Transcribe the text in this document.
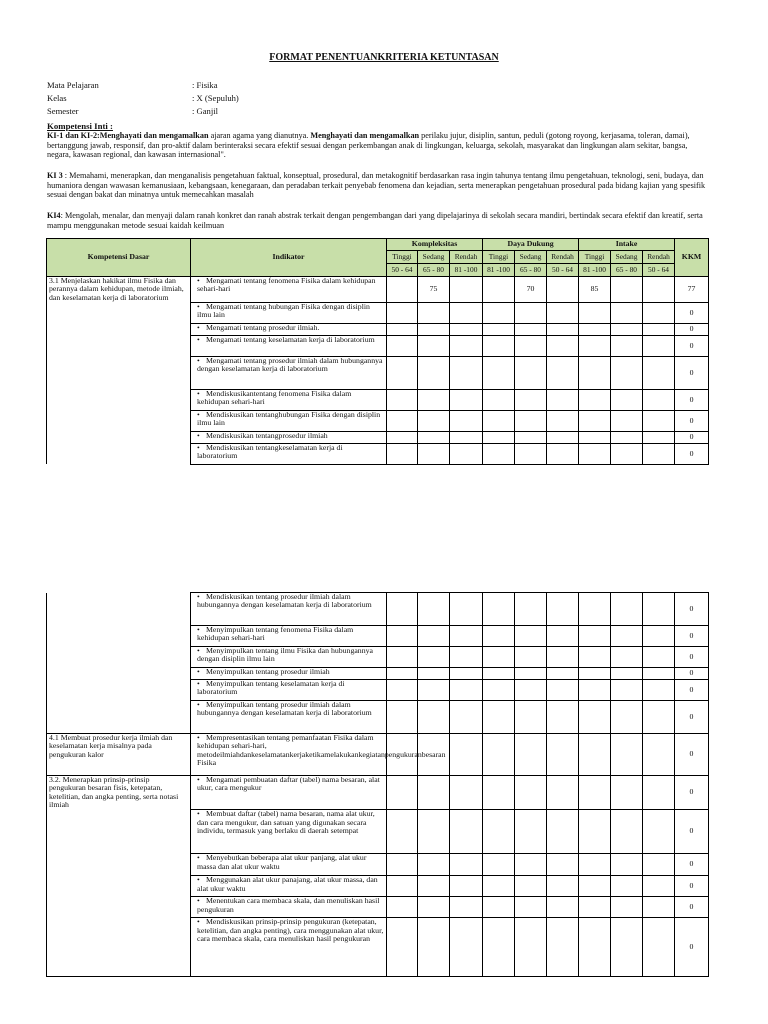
FORMAT PENENTUANKRITERIA KETUNTASAN
Mata Pelajaran	: Fisika
Kelas	: X (Sepuluh)
Semester	: Ganjil
Kompetensi Inti :
KI-1 dan KI-2:Menghayati dan mengamalkan ajaran agama yang dianutnya. Menghayati dan mengamalkan perilaku jujur, disiplin, santun, peduli (gotong royong, kerjasama, toleran, damai), bertanggung jawab, responsif, dan pro-aktif dalam berinteraksi secara efektif sesuai dengan perkembangan anak di lingkungan, keluarga, sekolah, masyarakat dan lingkungan alam sekitar, bangsa, negara, kawasan regional, dan kawasan internasional".
KI 3 : Memahami, menerapkan, dan menganalisis pengetahuan faktual, konseptual, prosedural, dan metakognitif berdasarkan rasa ingin tahunya tentang ilmu pengetahuan, teknologi, seni, budaya, dan humaniora dengan wawasan kemanusiaan, kebangsaan, kenegaraan, dan peradaban terkait penyebab fenomena dan kejadian, serta menerapkan pengetahuan prosedural pada bidang kajian yang spesifik sesuai dengan bakat dan minatnya untuk memecahkan masalah
KI4: Mengolah, menalar, dan menyaji dalam ranah konkret dan ranah abstrak terkait dengan pengembangan dari yang dipelajarinya di sekolah secara mandiri, bertindak secara efektif dan kreatif, serta mampu menggunakan metode sesuai kaidah keilmuan
Kompetensi Dasar	Indikator	Kompleksitas			Daya Dukung			Intake			KKM
		Tinggi	Sedang	Rendah	Tinggi	Sedang	Rendah	Tinggi	Sedang	Rendah	
		50 - 64	65 - 80	81 -100	81 -100	65 - 80	50 - 64	81 -100	65 - 80	50 - 64	
3.1 Menjelaskan hakikat ilmu Fisika dan perannya dalam kehidupan, metode ilmiah, dan keselamatan kerja di laboratorium	• Mengamati tentang fenomena Fisika dalam kehidupan sehari-hari		75			70		85			77
	• Mengamati tentang hubungan Fisika dengan disiplin ilmu lain										0
	• Mengamati tentang prosedur ilmiah.										0
	• Mengamati tentang keselamatan kerja di laboratorium										0
	• Mengamati tentang prosedur ilmiah dalam hubungannya dengan keselamatan kerja di laboratorium										0
	• Mendiskusikantentang fenomena Fisika dalam kehidupan sehari-hari										0
	• Mendiskusikan tentanghubungan Fisika dengan disiplin ilmu lain										0
	• Mendiskusikan tentangprosedur ilmiah										0
	• Mendiskusikan tentangkeselamatan kerja di laboratorium										0
	• Mendiskusikan tentang prosedur ilmiah dalam hubungannya dengan keselamatan kerja di laboratorium										0
	• Menyimpulkan tentang fenomena Fisika dalam kehidupan sehari-hari										0
	• Menyimpulkan tentang ilmu Fisika dan hubungannya dengan disiplin ilmu lain										0
	• Menyimpulkan tentang prosedur ilmiah										0
	• Menyimpulkan tentang keselamatan kerja di laboratorium										0
	• Menyimpulkan tentang prosedur ilmiah dalam hubungannya dengan keselamatan kerja di laboratorium										0
4.1 Membuat prosedur kerja ilmiah dan keselamatan kerja misalnya pada pengukuran kalor	• Mempresentasikan tentang pemanfaatan Fisika dalam kehidupan sehari-hari, metodeilmiahdankeselamatankerjaketikamelakukankegiatanpengukuranbesaran Fisika										0
3.2. Menerapkan prinsip-prinsip pengukuran besaran fisis, ketepatan, ketelitian, dan angka penting, serta notasi ilmiah	• Mengamati pembuatan daftar (tabel) nama besaran, alat ukur, cara mengukur										0
	• Membuat daftar (tabel) nama besaran, nama alat ukur, dan cara mengukur, dan satuan yang digunakan secara individu, termasuk yang berlaku di daerah setempat										0
	• Menyebutkan beberapa alat ukur panjang, alat ukur massa dan alat ukur waktu										0
	• Menggunakan alat ukur panajang, alat ukur massa, dan alat ukur waktu										0
	• Menentukan cara membaca skala, dan menuliskan hasil pengukuran										0
	• Mendiskusikan prinsip-prinsip pengukuran (ketepatan, ketelitian, dan angka penting), cara menggunakan alat ukur, cara membaca skala, cara menuliskan hasil pengukuran										0
